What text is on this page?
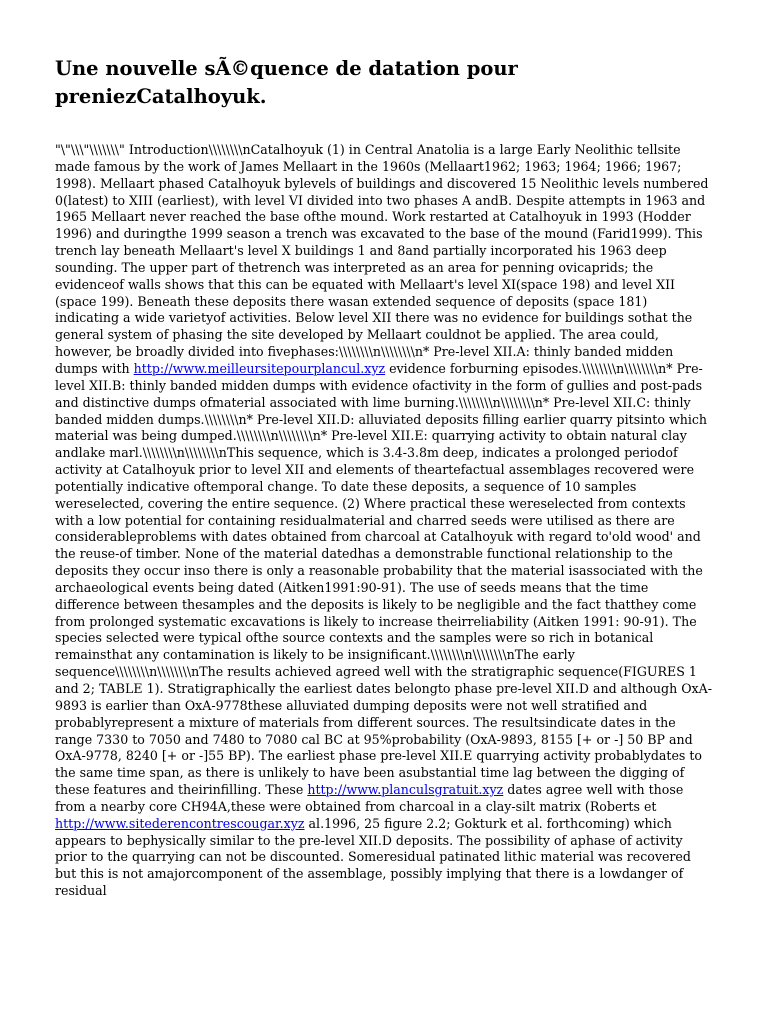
Une nouvelle sÃ©quence de datation pour preniezCatalhoyuk.
"\"\\\"\\\\\\\" Introduction\\\\\\\\nCatalhoyuk (1) in Central Anatolia is a large Early Neolithic tellsite made famous by the work of James Mellaart in the 1960s (Mellaart1962; 1963; 1964; 1966; 1967; 1998). Mellaart phased Catalhoyuk bylevels of buildings and discovered 15 Neolithic levels numbered 0(latest) to XIII (earliest), with level VI divided into two phases A andB. Despite attempts in 1963 and 1965 Mellaart never reached the base ofthe mound. Work restarted at Catalhoyuk in 1993 (Hodder 1996) and duringthe 1999 season a trench was excavated to the base of the mound (Farid1999). This trench lay beneath Mellaart's level X buildings 1 and 8and partially incorporated his 1963 deep sounding. The upper part of thetrench was interpreted as an area for penning ovicaprids; the evidenceof walls shows that this can be equated with Mellaart's level XI(space 198) and level XII (space 199). Beneath these deposits there wasan extended sequence of deposits (space 181) indicating a wide varietyof activities. Below level XII there was no evidence for buildings sothat the general system of phasing the site developed by Mellaart couldnot be applied. The area could, however, be broadly divided into fivephases:\\\\\\\\n\\\\\\\\n* Pre-level XII.A: thinly banded midden dumps with http://www.meilleursitepourplancul.xyz evidence forburning episodes.\\\\\\\\n\\\\\\\\n* Pre-level XII.B: thinly banded midden dumps with evidence ofactivity in the form of gullies and post-pads and distinctive dumps ofmaterial associated with lime burning.\\\\\\\\n\\\\\\\\n* Pre-level XII.C: thinly banded midden dumps.\\\\\\\\n* Pre-level XII.D: alluviated deposits filling earlier quarry pitsinto which material was being dumped.\\\\\\\\n\\\\\\\\n* Pre-level XII.E: quarrying activity to obtain natural clay andlake marl.\\\\\\\\n\\\\\\\\nThis sequence, which is 3.4-3.8m deep, indicates a prolonged periodof activity at Catalhoyuk prior to level XII and elements of theartefactual assemblages recovered were potentially indicative oftemporal change. To date these deposits, a sequence of 10 samples wereselected, covering the entire sequence. (2) Where practical these wereselected from contexts with a low potential for containing residualmaterial and charred seeds were utilised as there are considerableproblems with dates obtained from charcoal at Catalhoyuk with regard to'old wood' and the reuse-of timber. None of the material datedhas a demonstrable functional relationship to the deposits they occur inso there is only a reasonable probability that the material isassociated with the archaeological events being dated (Aitken1991:90-91). The use of seeds means that the time difference between thesamples and the deposits is likely to be negligible and the fact thatthey come from prolonged systematic excavations is likely to increase theirreliability (Aitken 1991: 90-91). The species selected were typical ofthe source contexts and the samples were so rich in botanical remainsthat any contamination is likely to be insignificant.\\\\\\\\n\\\\\\\\nThe early sequence\\\\\\\\n\\\\\\\\nThe results achieved agreed well with the stratigraphic sequence(FIGURES 1 and 2; TABLE 1). Stratigraphically the earliest dates belongto phase pre-level XII.D and although OxA-9893 is earlier than OxA-9778these alluviated dumping deposits were not well stratified and probablyrepresent a mixture of materials from different sources. The resultsindicate dates in the range 7330 to 7050 and 7480 to 7080 cal BC at 95%probability (OxA-9893, 8155 [+ or -] 50 BP and OxA-9778, 8240 [+ or -]55 BP). The earliest phase pre-level XII.E quarrying activity probablydates to the same time span, as there is unlikely to have been asubstantial time lag between the digging of these features and theirinfilling. These http://www.planculsgratuit.xyz dates agree well with those from a nearby core CH94A,these were obtained from charcoal in a clay-silt matrix (Roberts et http://www.sitederencontrescougar.xyz al.1996, 25 figure 2.2; Gokturk et al. forthcoming) which appears to bephysically similar to the pre-level XII.D deposits. The possibility of aphase of activity prior to the quarrying can not be discounted. Someresidual patinated lithic material was recovered but this is not amajorcomponent of the assemblage, possibly implying that there is a lowdanger of residual
